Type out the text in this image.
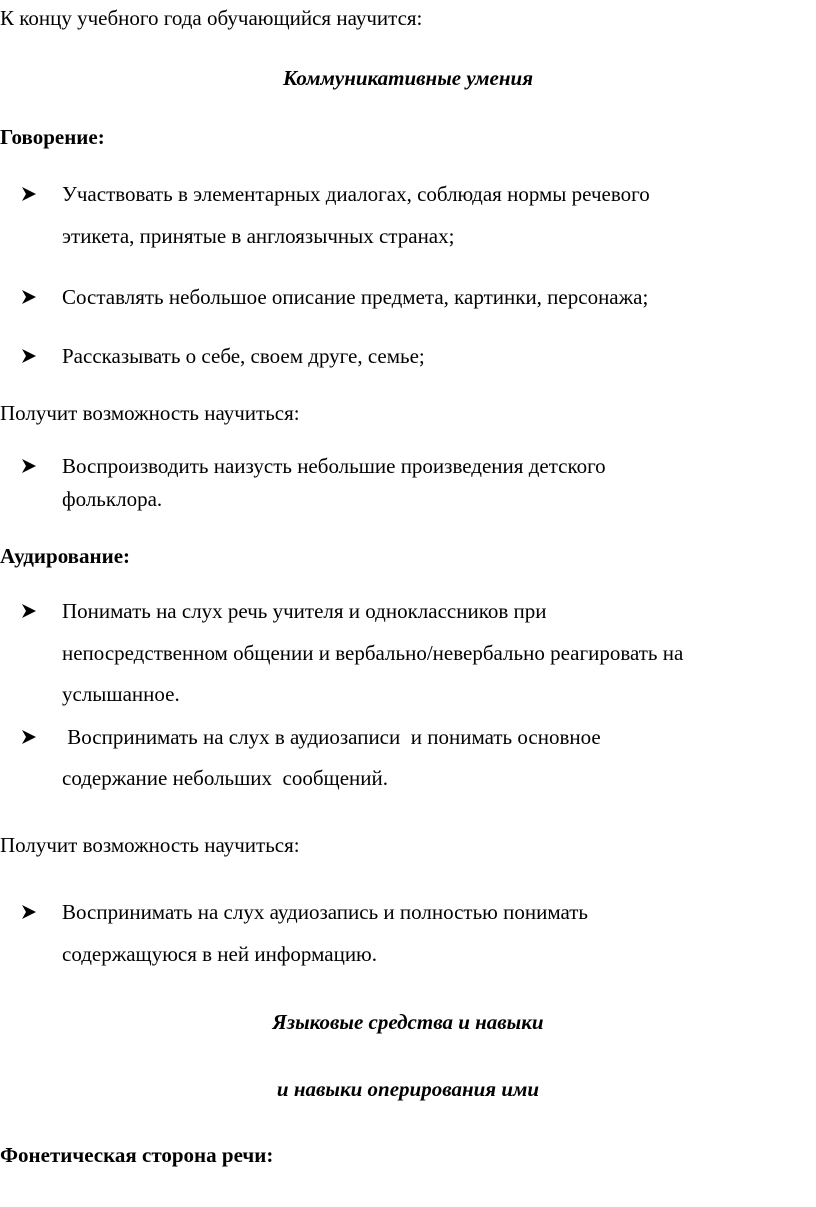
К концу учебного года обучающийся научится:

Коммуникативные умения

Говорение:

Участвовать в элементарных диалогах, соблюдая нормы речевого

этикета, принятые в англоязычных странах;

Составлять небольшое описание предмета, картинки, персонажа;

Рассказывать о себе, своем друге, семье;

Получит возможность научиться:

Воспроизводить наизусть небольшие произведения детского

фольклора.

Аудирование:

Понимать на слух речь учителя и одноклассников при

непосредственном общении и вербально/невербально реагировать на

услышанное.

Воспринимать на слух в аудиозаписи  и понимать основное

содержание небольших  сообщений.

Получит возможность научиться:

Воспринимать на слух аудиозапись и полностью понимать

содержащуюся в ней информацию.

Языковые средства и навыки

и навыки оперирования ими

Фонетическая сторона речи:
